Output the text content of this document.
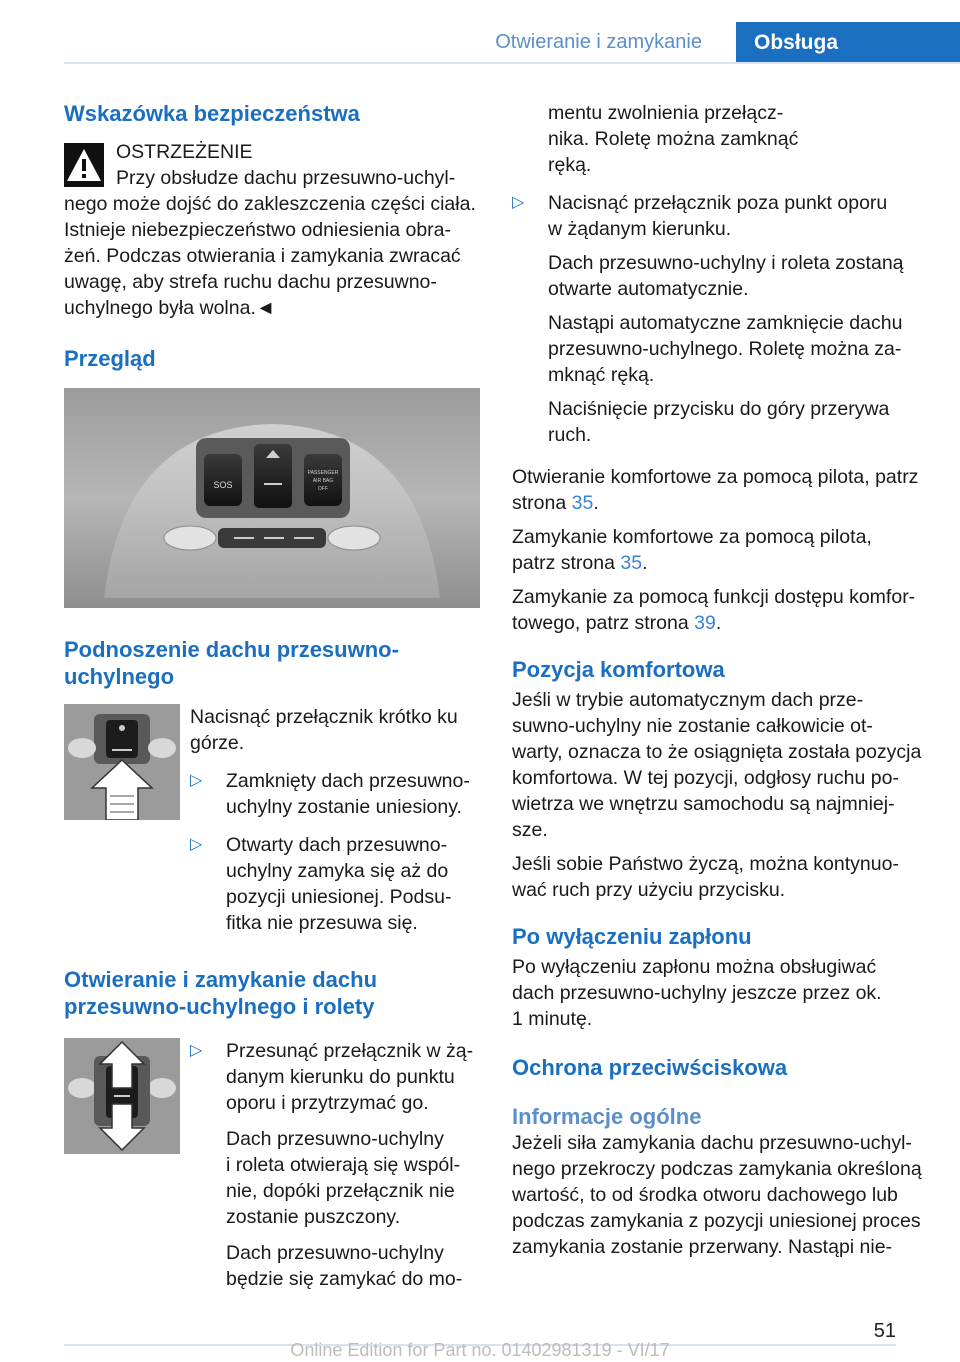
Otwieranie i zamykanie	Obsługa
Wskazówka bezpieczeństwa

OSTRZEŻENIE

Przy obsłudze dachu przesuwno-uchyl-

nego może dojść do zakleszczenia części ciała.

Istnieje niebezpieczeństwo odniesienia obra-

żeń. Podczas otwierania i zamykania zwracać

uwagę, aby strefa ruchu dachu przesuwno-

uchylnego była wolna.◄

Przegląd
SOS
PASSENGER
AIR BAG
OFF
Podnoszenie dachu przesuwno-
uchylnego

Nacisnąć przełącznik krótko ku

górze.

▷ Zamknięty dach przesuwno-

uchylny zostanie uniesiony.

▷ Otwarty dach przesuwno-

uchylny zamyka się aż do

pozycji uniesionej. Podsu-

fitka nie przesuwa się.

Otwieranie i zamykanie dachu
przesuwno-uchylnego i rolety
▷ Przesunąć przełącznik w żą-

danym kierunku do punktu

oporu i przytrzymać go.

Dach przesuwno-uchylny

i roleta otwierają się wspól-

nie, dopóki przełącznik nie

zostanie puszczony.

Dach przesuwno-uchylny

będzie się zamykać do mo-

mentu zwolnienia przełącz-

nika. Roletę można zamknąć

ręką.

▷ Nacisnąć przełącznik poza punkt oporu

w żądanym kierunku.

Dach przesuwno-uchylny i roleta zostaną

otwarte automatycznie.

Nastąpi automatyczne zamknięcie dachu

przesuwno-uchylnego. Roletę można za-

mknąć ręką.

Naciśnięcie przycisku do góry przerywa

ruch.

Otwieranie komfortowe za pomocą pilota, patrz

strona 35.

Zamykanie komfortowe za pomocą pilota,

patrz strona 35.

Zamykanie za pomocą funkcji dostępu komfor-

towego, patrz strona 39.

Pozycja komfortowa

Jeśli w trybie automatycznym dach prze-

suwno-uchylny nie zostanie całkowicie ot-

warty, oznacza to że osiągnięta została pozycja

komfortowa. W tej pozycji, odgłosy ruchu po-

wietrza we wnętrzu samochodu są najmniej-

sze.

Jeśli sobie Państwo życzą, można kontynuo-

wać ruch przy użyciu przycisku.

Po wyłączeniu zapłonu

Po wyłączeniu zapłonu można obsługiwać

dach przesuwno-uchylny jeszcze przez ok.

1 minutę.

Ochrona przeciwściskowa
Informacje ogólne

Jeżeli siła zamykania dachu przesuwno-uchyl-

nego przekroczy podczas zamykania określoną

wartość, to od środka otworu dachowego lub

podczas zamykania z pozycji uniesionej proces

zamykania zostanie przerwany. Nastąpi nie-

51
Online Edition for Part no. 01402981319 - VI/17
